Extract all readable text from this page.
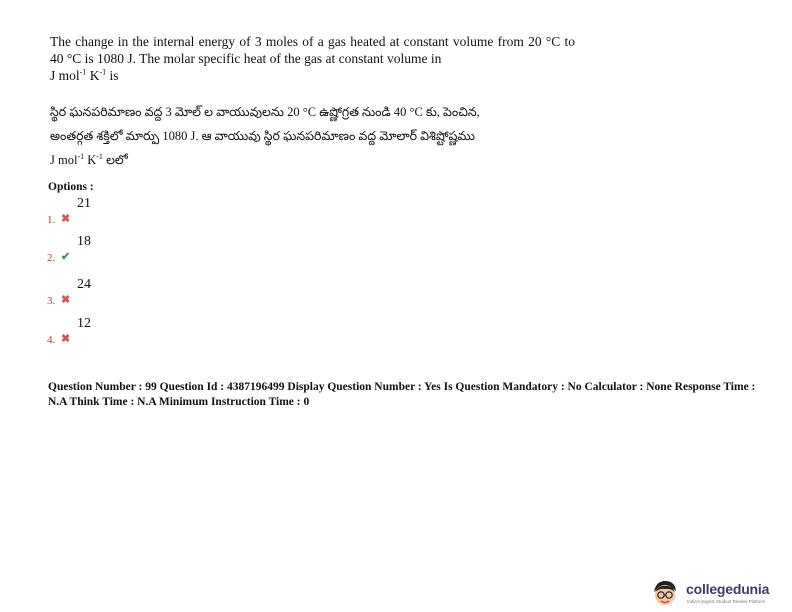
The change in the internal energy of 3 moles of a gas heated at constant volume from 20 °C to 40 °C is 1080 J. The molar specific heat of the gas at constant volume in
J mol$^{-1}$ $K^{-1}$ is
స్థిర ఘనపరిమాణం వద్ద 3 మోల్ ల వాయువులను 20 °C ఉష్ణోగ్రత నుండి 40 °C కు, పెంచిన,
అంతర్గత శక్తిలో మార్పు 1080 J. ఆ వాయువు స్థిర ఘనపరిమాణం వద్ద మోలార్ విశిష్టోష్ణము
J mol$^{-1}$ $K^{-1}$ లలో
Options :
1. ✖
21
2. ✔
18
3. ✖
24
4. ✖
12
Question Number : 99 Question Id : 4387196499 Display Question Number : Yes Is Question Mandatory : No Calculator : None Response Time : N.A Think Time : N.A Minimum Instruction Time : 0
collegedunia
India's largest Student Review Platform
